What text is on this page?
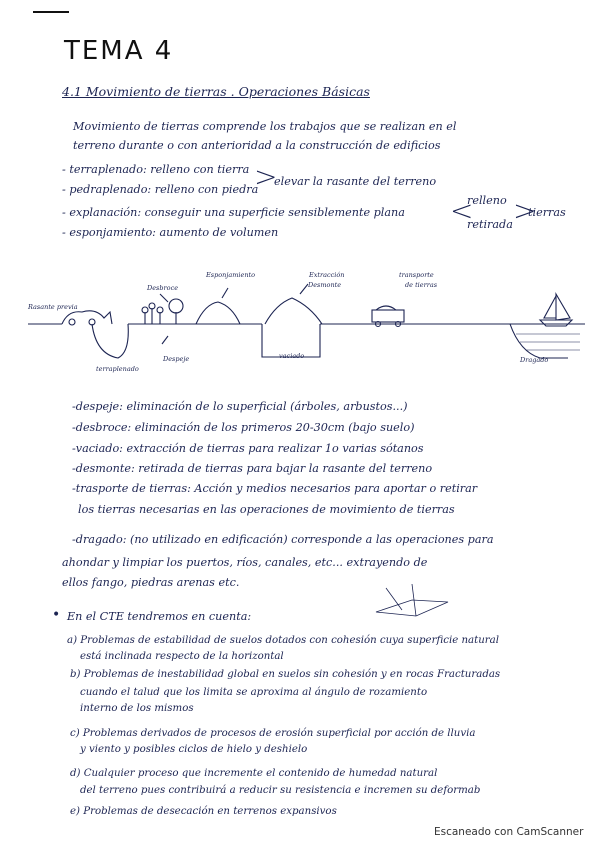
TEMA 4
4.1 Movimiento de tierras . Operaciones Básicas
Movimiento de tierras comprende los trabajos que se realizan en el
terreno durante o con anterioridad a la construcción de edificios
- terraplenado: relleno con tierra
- pedraplenado: relleno con piedra
>
elevar la rasante del terreno
- explanación: conseguir una superficie sensiblemente plana <
relleno
retirada >
tierras
- esponjamiento: aumento de volumen
Rasante previa
Desbroce
Esponjamiento	Extracción
Desmonte
transporte
de tierras
terraplenado
Despeje	vaciado	Dragado
-despeje: eliminación de lo superficial (árboles, arbustos...)
-desbroce: eliminación de los primeros 20-30cm (bajo suelo)
-vaciado: extracción de tierras para realizar 1o varias sótanos
-desmonte: retirada de tierras para bajar la rasante del terreno
-trasporte de tierras: Acción y medios necesarios para aportar o retirar
los tierras necesarias en las operaciones de movimiento de tierras
-dragado: (no utilizado en edificación) corresponde a las operaciones para
ahondar y limpiar los puertos, ríos, canales, etc... extrayendo de
ellos fango, piedras arenas etc.
• En el CTE tendremos en cuenta:
a) Problemas de estabilidad de suelos dotados con cohesión cuya superficie natural
está inclinada respecto de la horizontal
b) Problemas de inestabilidad global en suelos sin cohesión y en rocas Fracturadas
cuando el talud que los limita se aproxima al ángulo de rozamiento
interno de los mismos
c) Problemas derivados de procesos de erosión superficial por acción de lluvia
y viento y posibles ciclos de hielo y deshielo
d) Cualquier proceso que incremente el contenido de humedad natural
del terreno pues contribuirá a reducir su resistencia e incremen su deformab
e) Problemas de desecación en terrenos expansivos
Escaneado con CamScanner
